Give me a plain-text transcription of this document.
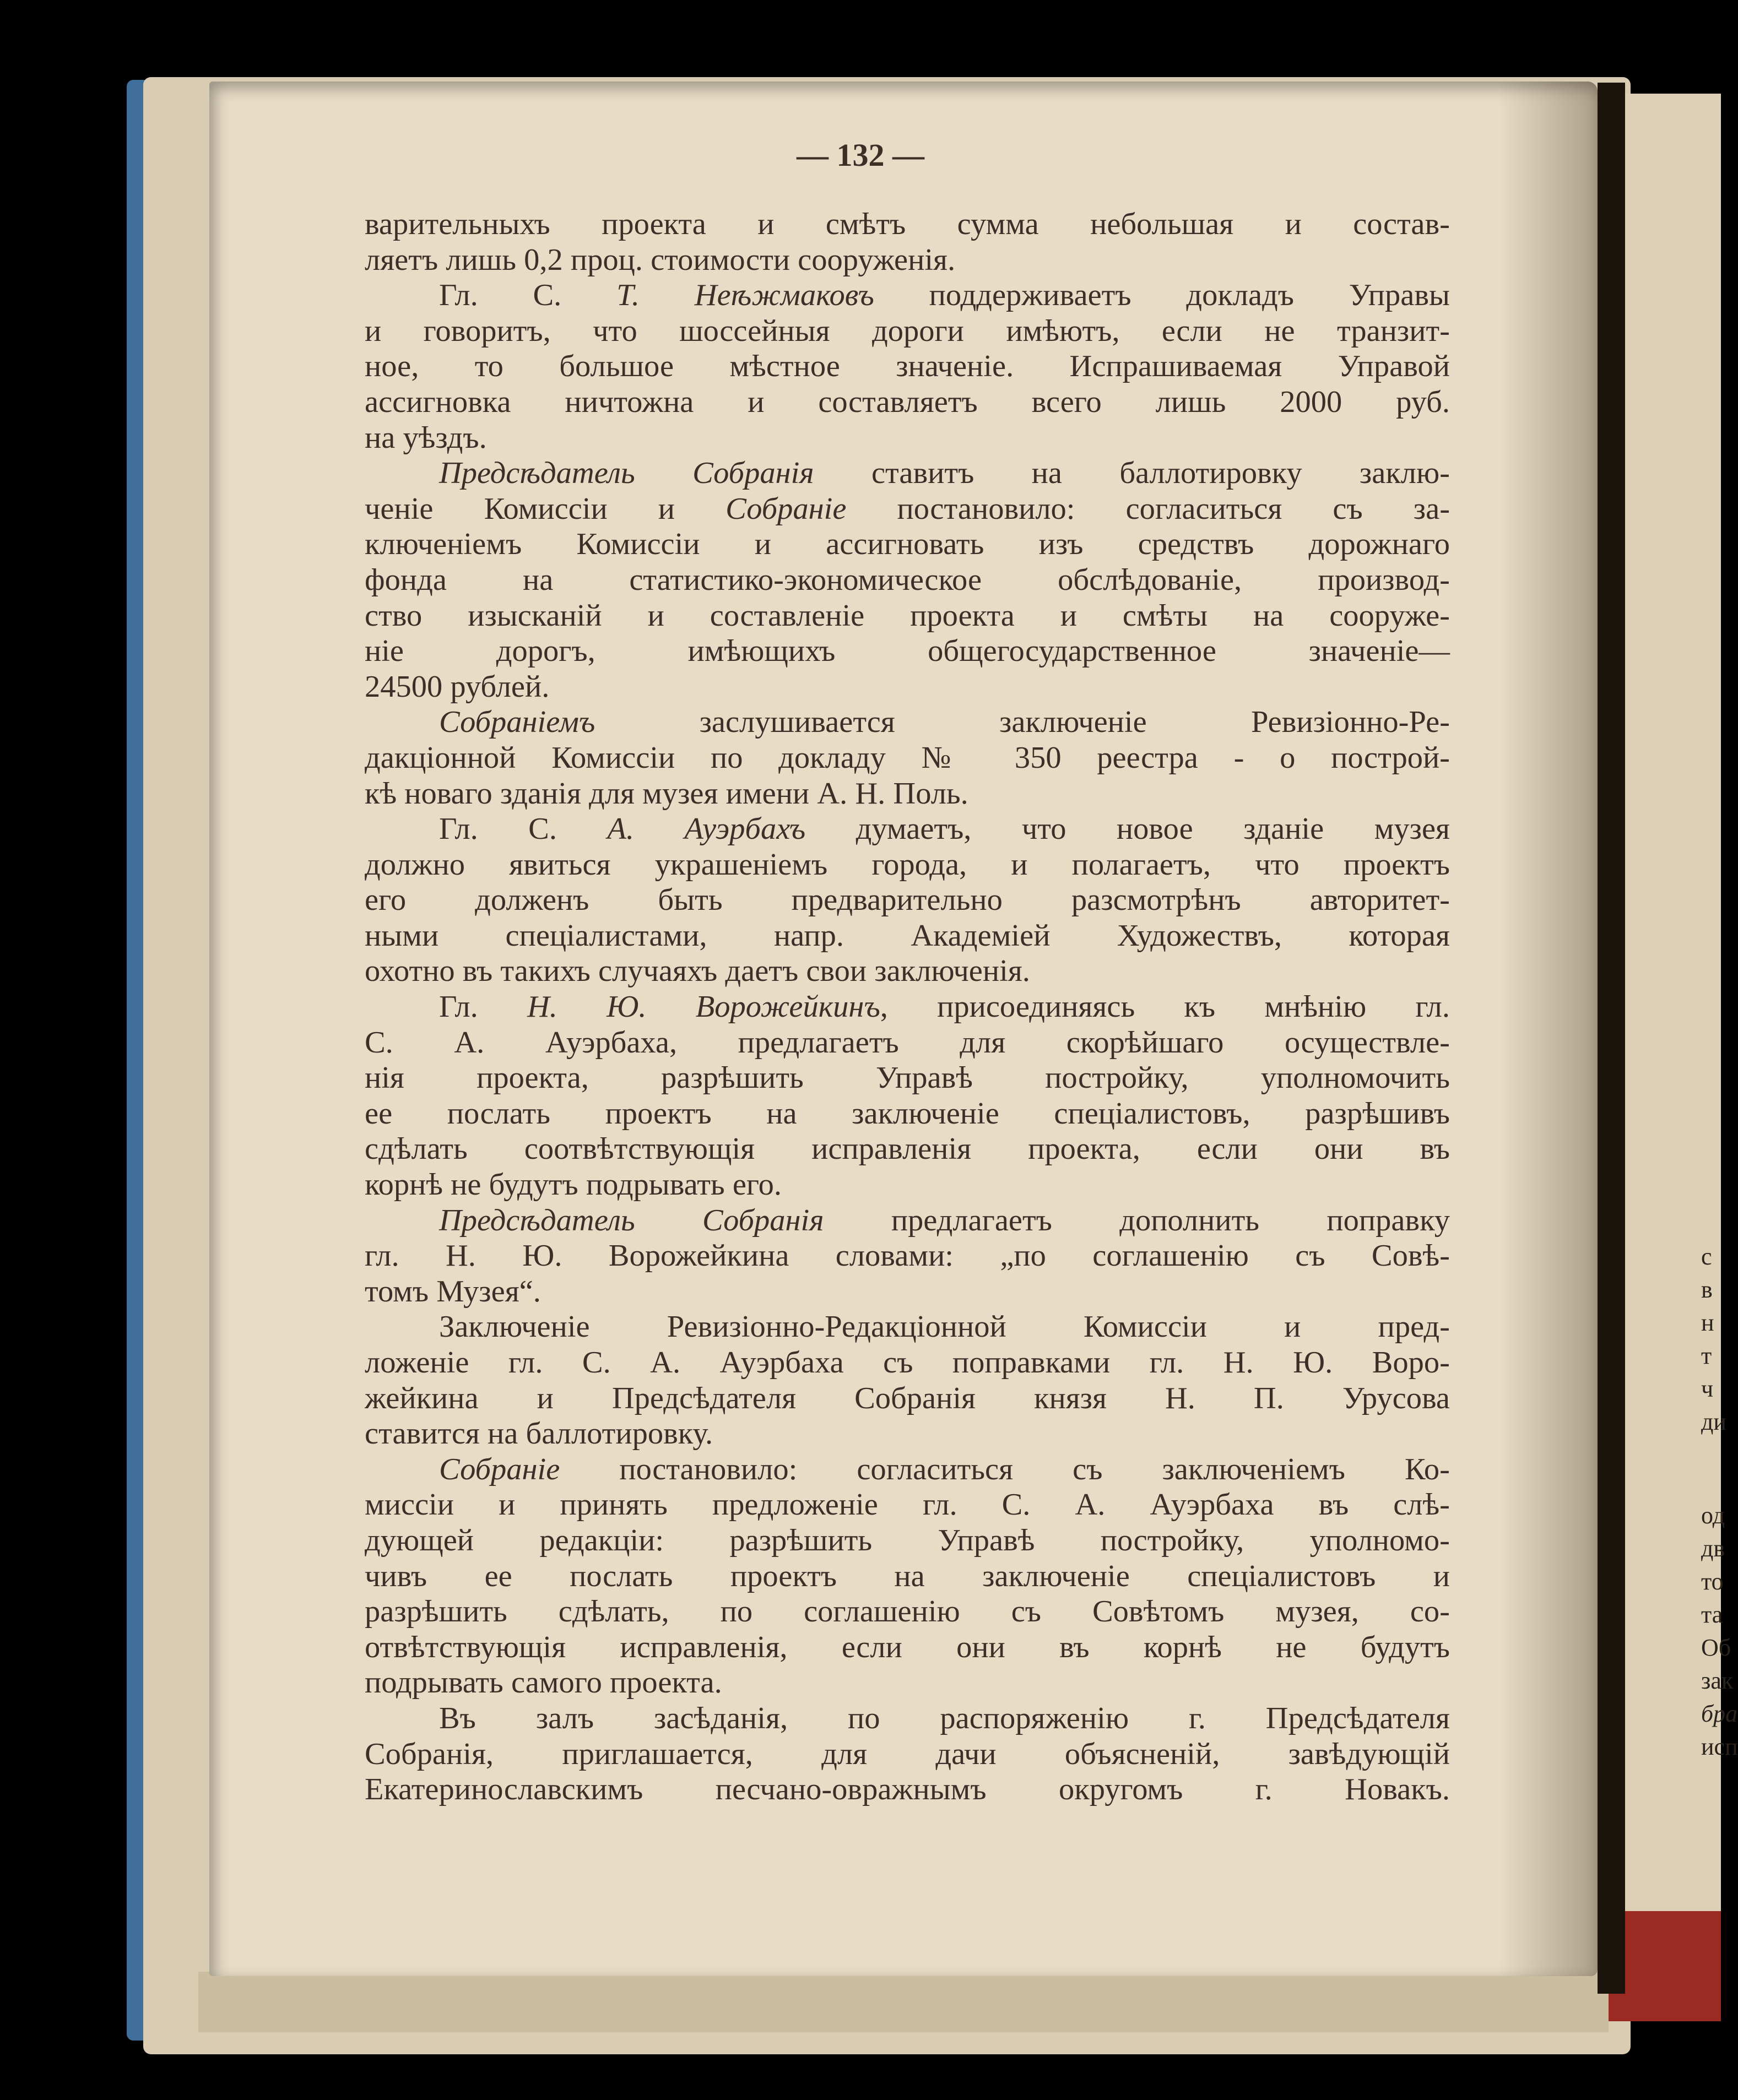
— 132 —

варительныхъ проекта и смѣтъ сумма небольшая и состав-
ляетъ лишь 0,2 проц. стоимости сооруженія.
Гл. С. Т. Неѣжмаковъ поддерживаетъ докладъ Управы
и говоритъ, что шоссейныя дороги имѣютъ, если не транзит-
ное, то большое мѣстное значеніе. Испрашиваемая Управой
ассигновка ничтожна и составляетъ всего лишь 2000 руб.
на уѣздъ.
Предсѣдатель Собранія ставитъ на баллотировку заклю-
ченіе Комиссіи и Собраніе постановило: согласиться съ за-
ключеніемъ Комиссіи и ассигновать изъ средствъ дорожнаго
фонда на статистико-экономическое обслѣдованіе, производ-
ство изысканій и составленіе проекта и смѣты на сооруже-
ніе дорогъ, имѣющихъ общегосударственное значеніе—
24500 рублей.
Собраніемъ заслушивается заключеніе Ревизіонно-Ре-
дакціонной Комиссіи по докладу № 350 реестра - о построй-
кѣ новаго зданія для музея имени А. Н. Поль.
Гл. С. А. Ауэрбахъ думаетъ, что новое зданіе музея
должно явиться украшеніемъ города, и полагаетъ, что проектъ
его долженъ быть предварительно разсмотрѣнъ авторитет-
ными спеціалистами, напр. Академіей Художествъ, которая
охотно въ такихъ случаяхъ даетъ свои заключенія.
Гл. Н. Ю. Ворожейкинъ, присоединяясь къ мнѣнію гл.
С. А. Ауэрбаха, предлагаетъ для скорѣйшаго осуществле-
нія проекта, разрѣшить Управѣ постройку, уполномочить
ее послать проектъ на заключеніе спеціалистовъ, разрѣшивъ
сдѣлать соотвѣтствующія исправленія проекта, если они въ
корнѣ не будутъ подрывать его.
Предсѣдатель Собранія предлагаетъ дополнить поправку
гл. Н. Ю. Ворожейкина словами: „по соглашенію съ Совѣ-
томъ Музея“.
Заключеніе Ревизіонно-Редакціонной Комиссіи и пред-
ложеніе гл. С. А. Ауэрбаха съ поправками гл. Н. Ю. Воро-
жейкина и Предсѣдателя Собранія князя Н. П. Урусова
ставится на баллотировку.
Собраніе постановило: согласиться съ заключеніемъ Ко-
миссіи и принять предложеніе гл. С. А. Ауэрбаха въ слѣ-
дующей редакціи: разрѣшить Управѣ постройку, уполномо-
чивъ ее послать проектъ на заключеніе спеціалистовъ и
разрѣшить сдѣлать, по соглашенію съ Совѣтомъ музея, со-
отвѣтствующія исправленія, если они въ корнѣ не будутъ
подрывать самого проекта.
Въ залъ засѣданія, по распоряженію г. Предсѣдателя
Собранія, приглашается, для дачи объясненій, завѣдующій
Екатеринославскимъ песчано-овражнымъ округомъ г. Новакъ.

с

в

н

т

ч

ди

од

дв

то

та

Об

зак

бра

исп
